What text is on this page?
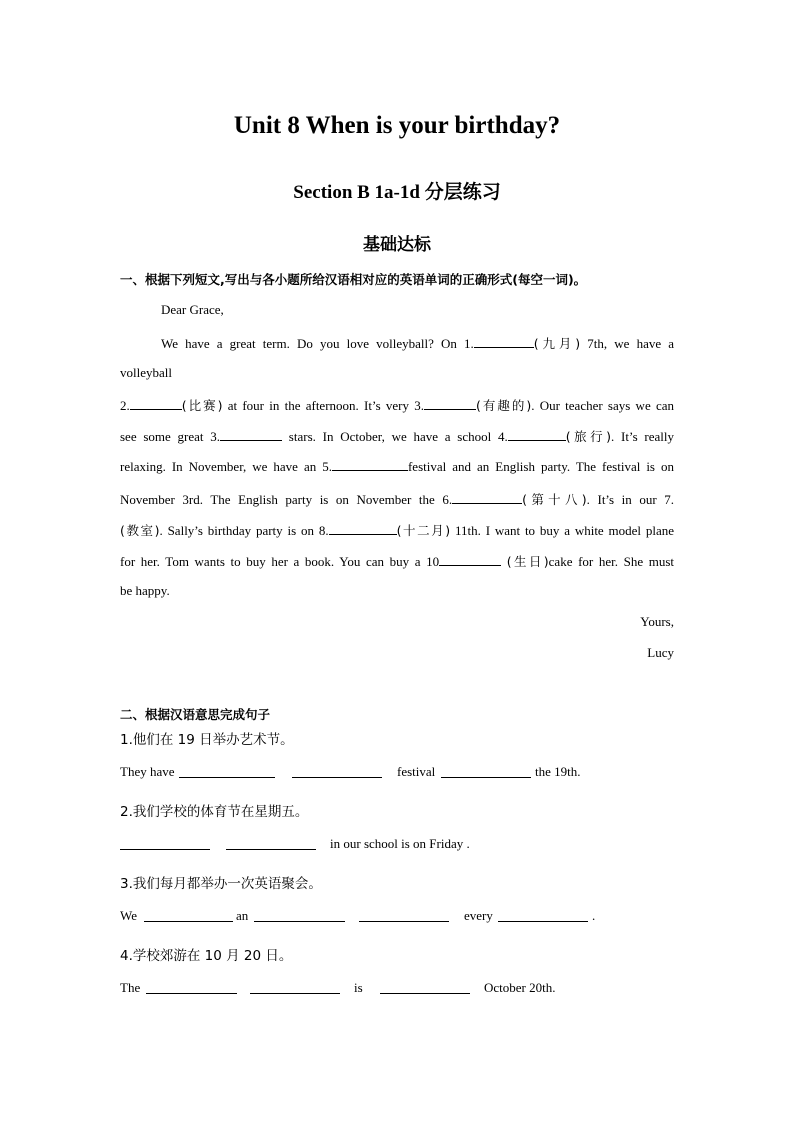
Unit 8 When is your birthday?
Section B 1a-1d 分层练习
基础达标
一、根据下列短文,写出与各小题所给汉语相对应的英语单词的正确形式(每空一词)。
Dear Grace,
We have a great term. Do you love volleyball? On 1.	(九月) 7th, we have a
volleyball
2.	(比赛) at four in the afternoon. It’s very 3.	(有趣的). Our teacher says we can
see some great 3.	stars. In October, we have a school 4.	(旅行). It’s really
relaxing. In November, we have an 5.	festival and an English party. The festival is on
November 3rd. The English party is on November the 6.	(第十八). It’s in our 7.
(教室). Sally’s birthday party is on 8.	(十二月) 11th. I want to buy a white model plane
for her. Tom wants to buy her a book. You can buy a 10	(生日)cake for her. She must
be happy.
Yours,
Lucy
二、根据汉语意思完成句子
1.他们在 19 日举办艺术节。
They have	festival	the 19th.
2.我们学校的体育节在星期五。
in our school is on Friday .
3.我们每月都举办一次英语聚会。
We	an	every	.
4.学校郊游在 10 月 20 日。
The	is	October 20th.
